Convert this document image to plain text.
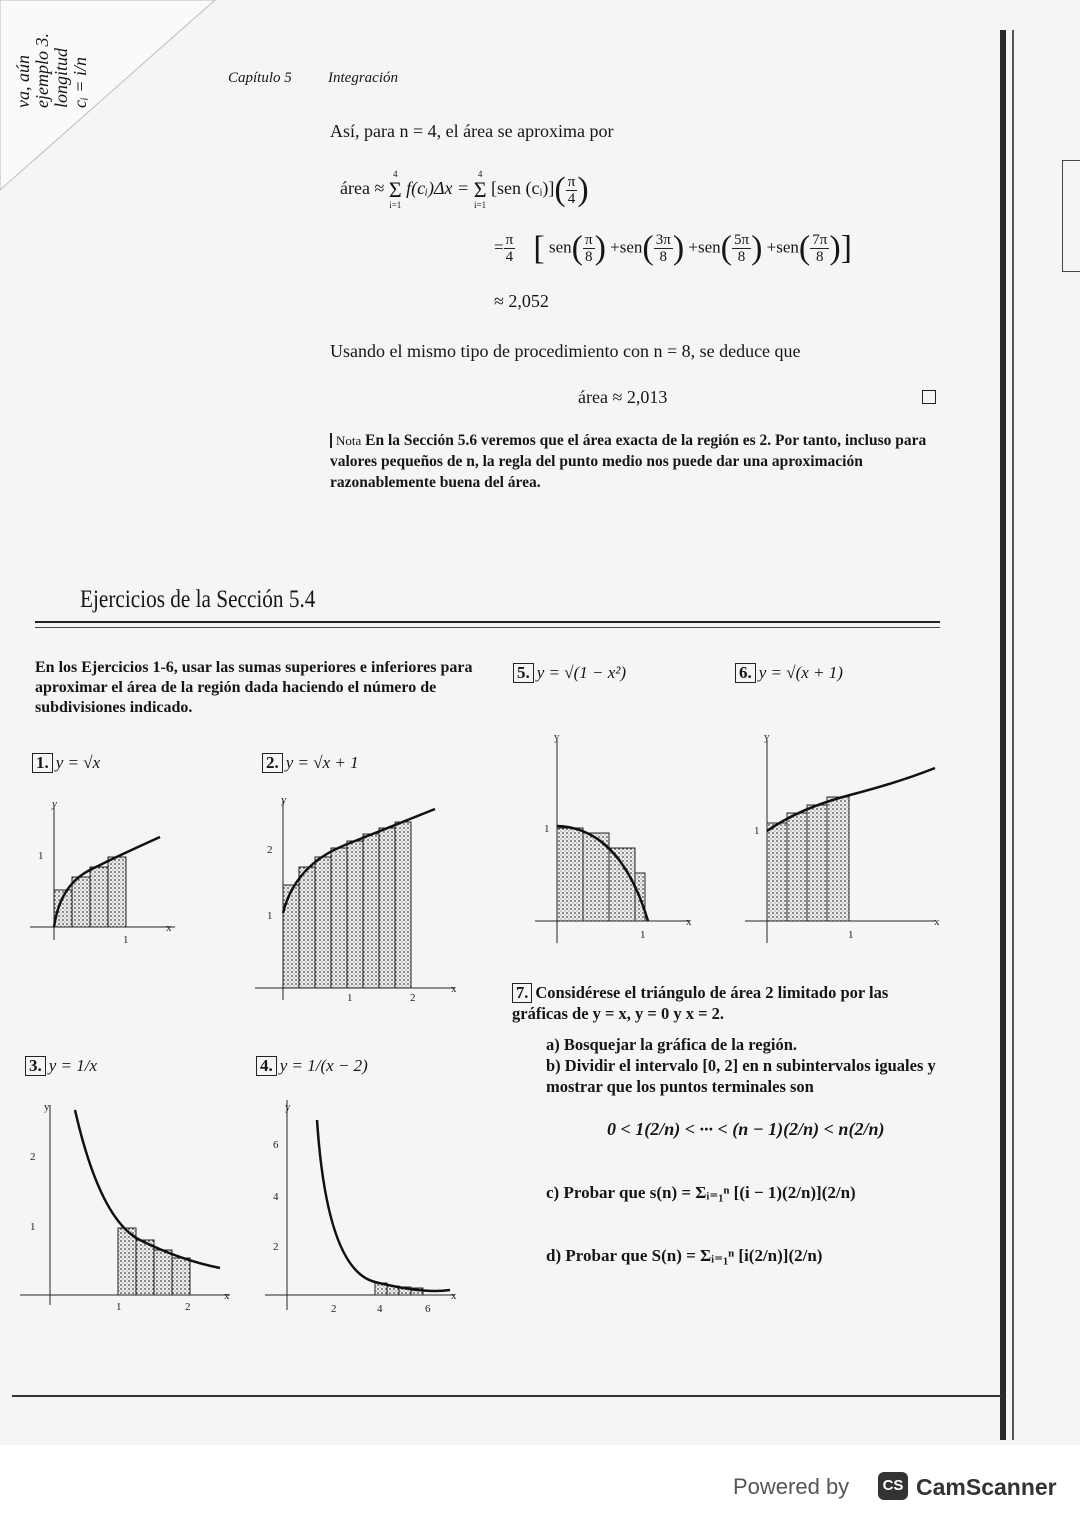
va, aún ejemplo 3. longitud cᵢ = i/n	Capítulo 5 Integración
Así, para n = 4, el área se aproxima por
área ≈
4
Σ
i=1
f(cᵢ)Δx =
4
Σ
i=1
[sen (cᵢ)]( $\frac{\pi}{4}$ )
= $\frac{\pi}{4}$ [ $sen( \frac{\pi}{8}$ ) $+sen( \frac{3\pi}{8}$ ) $+sen( \frac{5\pi}{8}$ ) $+sen( \frac{7\pi}{8}$ )]
≈ 2,052
Usando el mismo tipo de procedimiento con n = 8, se deduce que
área ≈ 2,013
Nota En la Sección 5.6 veremos que el área exacta de la región es 2. Por tanto, incluso para valores pequeños de n, la regla del punto medio nos puede dar una aproximación razonablemente buena del área.
Ejercicios de la Sección 5.4
En los Ejercicios 1-6, usar las sumas superiores e inferiores para aproximar el área de la región dada haciendo el número de subdivisiones indicado.
1. y = √x	2. y = √x + 1
3. y = 1/x	4. y = 1/(x − 2)
5. y = √(1 − x²)	6. y = √(x + 1)
1
1
y
x
2
1
1	2
y
x
2
1
1	2
y
x
6
4
2
2	4	6
y
x
1
1
y
x
1
1
y
x
7. Considérese el triángulo de área 2 limitado por las gráficas de y = x, y = 0 y x = 2.
a) Bosquejar la gráfica de la región.
b) Dividir el intervalo [0, 2] en n subintervalos iguales y mostrar que los puntos terminales son
0 < 1(2/n) < ··· < (n − 1)(2/n) < n(2/n)
c) Probar que s(n) = Σᵢ₌₁ⁿ [(i − 1)(2/n)](2/n)
d) Probar que S(n) = Σᵢ₌₁ⁿ [i(2/n)](2/n)
Powered by	CS CamScanner
